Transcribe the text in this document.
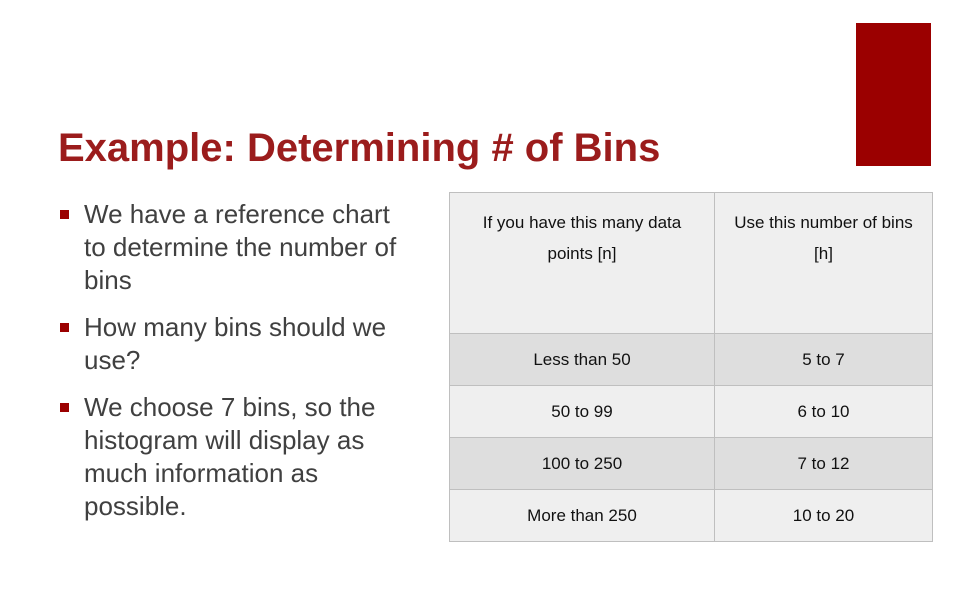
Example: Determining # of Bins
We have a reference chart to determine the number of bins
How many bins should we use?
We choose 7 bins, so the histogram will display as much information as possible.
If you have this many data points [n]	Use this number of bins [h]
Less than 50	5 to 7
50 to 99	6 to 10
100 to 250	7 to 12
More than 250	10 to 20
